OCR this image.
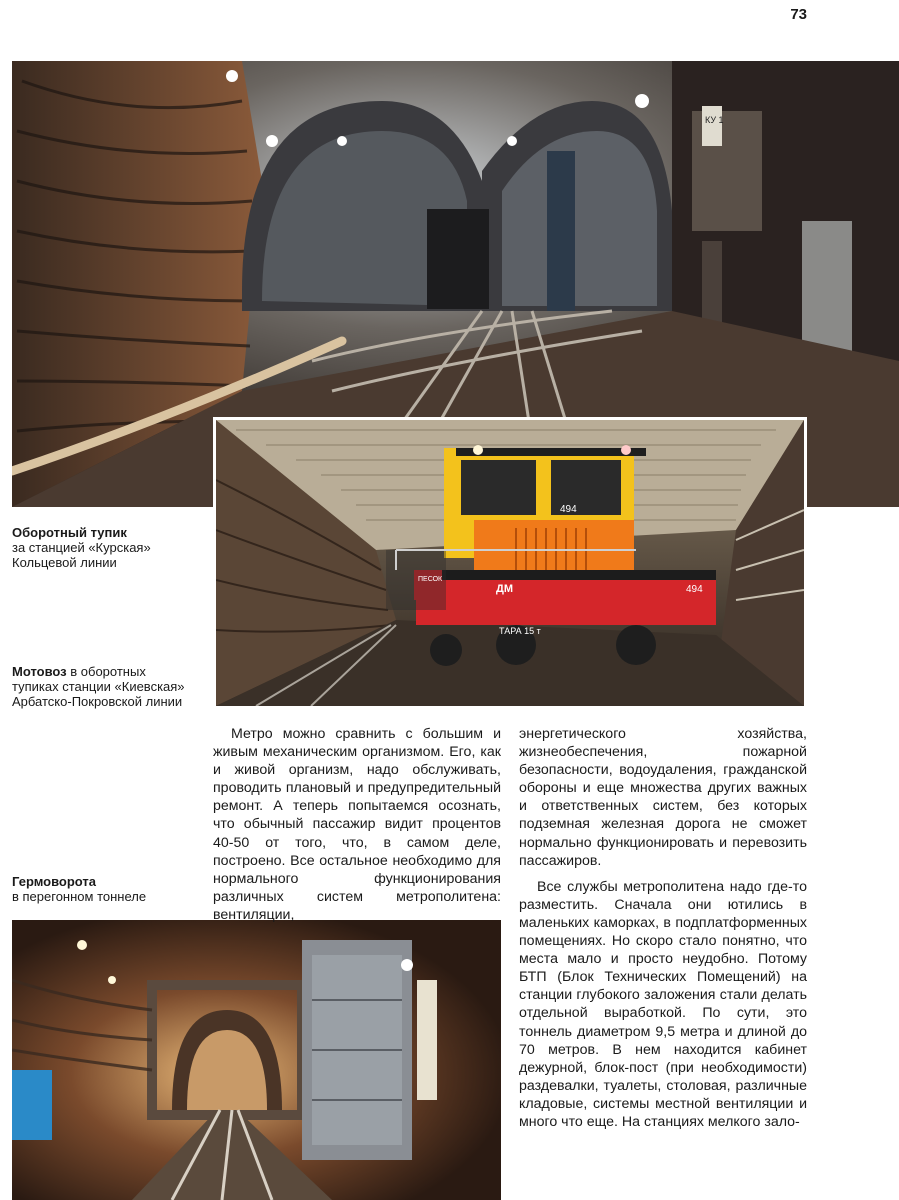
73
КУ 1
ДМ	494
ТАРА 15 т
494
ПЕСОК
Оборотный тупик
за станцией «Курская»
Кольцевой линии
Мотовоз в оборотных
тупиках станции «Киевская»
Арбатско-Покровской линии
Гермоворота
в перегонном тоннеле

Метро можно сравнить с большим и живым механическим организмом. Его, как и живой организм, надо обслуживать, проводить плановый и предупредительный ремонт. А теперь попытаемся осознать, что обычный пассажир видит процентов 40-50 от того, что, в самом деле, построено. Все остальное необходимо для нормального функционирования различных систем метрополитена: вентиляции,

энергетического хозяйства, жизнеобеспечения, пожарной безопасности, водоудаления, гражданской обороны и еще множества других важных и ответственных систем, без которых подземная железная дорога не сможет нормально функционировать и перевозить пассажиров.

Все службы метрополитена надо где-то разместить. Сначала они ютились в маленьких каморках, в подплатформенных помещениях. Но скоро стало понятно, что места мало и просто неудобно. Потому БТП (Блок Технических Помещений) на станции глубокого заложения стали делать отдельной выработкой. По сути, это тоннель диаметром 9,5 метра и длиной до 70 метров. В нем находится кабинет дежурной, блок-пост (при необходимости) раздевалки, туалеты, столовая, различные кладовые, системы местной вентиляции и много что еще. На станциях мелкого зало-
